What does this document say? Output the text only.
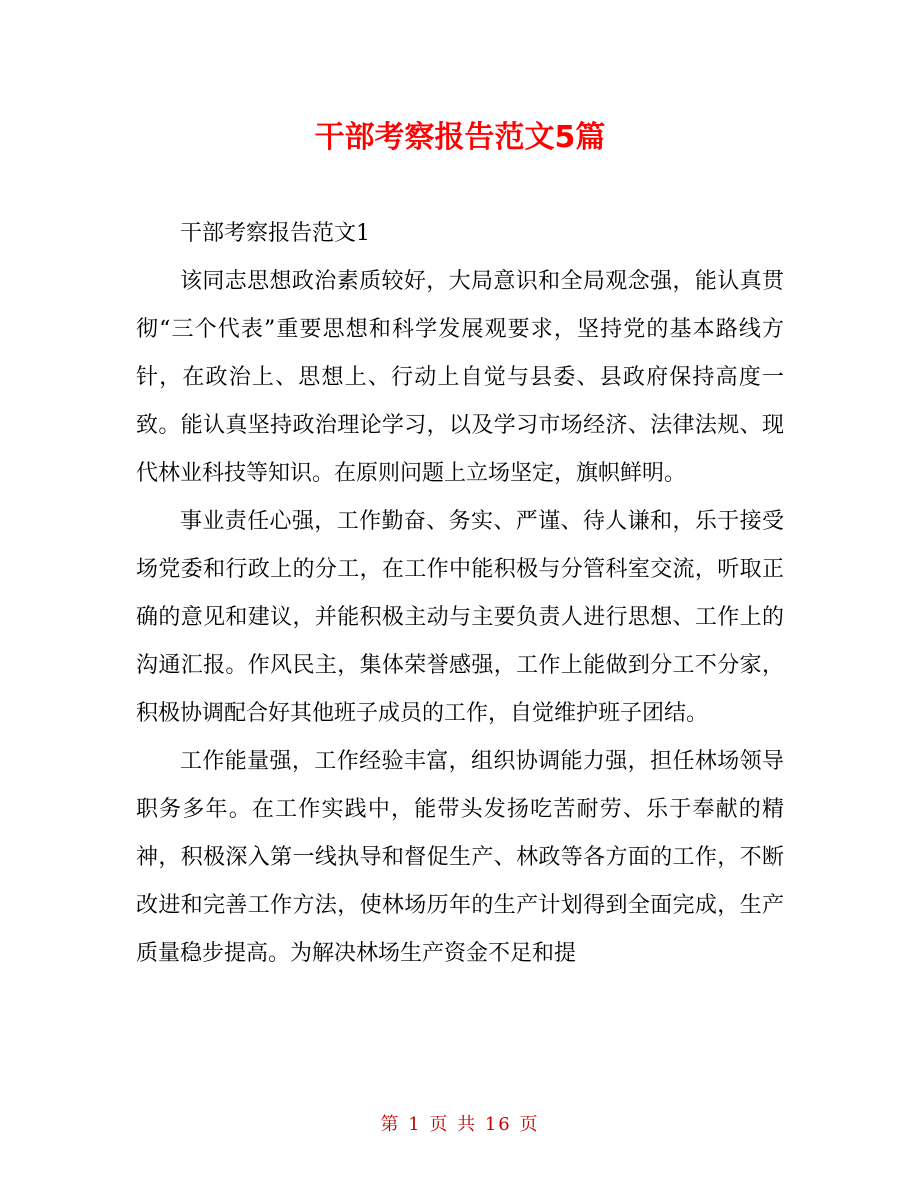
干部考察报告范文5篇

干部考察报告范文1

该同志思想政治素质较好，大局意识和全局观念强，能认真贯彻“三个代表”重要思想和科学发展观要求，坚持党的基本路线方针，在政治上、思想上、行动上自觉与县委、县政府保持高度一致。能认真坚持政治理论学习，以及学习市场经济、法律法规、现代林业科技等知识。在原则问题上立场坚定，旗帜鲜明。

事业责任心强，工作勤奋、务实、严谨、待人谦和，乐于接受场党委和行政上的分工，在工作中能积极与分管科室交流，听取正确的意见和建议，并能积极主动与主要负责人进行思想、工作上的沟通汇报。作风民主，集体荣誉感强，工作上能做到分工不分家，积极协调配合好其他班子成员的工作，自觉维护班子团结。

工作能量强，工作经验丰富，组织协调能力强，担任林场领导职务多年。在工作实践中，能带头发扬吃苦耐劳、乐于奉献的精神，积极深入第一线执导和督促生产、林政等各方面的工作，不断改进和完善工作方法，使林场历年的生产计划得到全面完成，生产质量稳步提高。为解决林场生产资金不足和提

第 1 页 共 16 页
